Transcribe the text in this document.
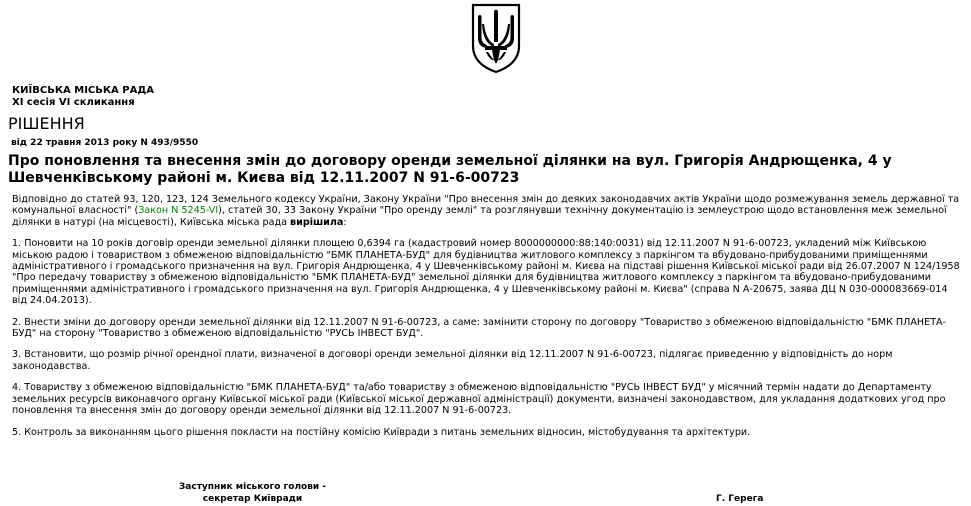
КИЇВСЬКА МІСЬКА РАДА
XI сесія VI скликання
РІШЕННЯ
від 22 травня 2013 року N 493/9550
Про поновлення та внесення змін до договору оренди земельної ділянки на вул. Григорія Андрющенка, 4 у Шевченківському районі м. Києва від 12.11.2007 N 91-6-00723

Відповідно до статей 93, 120, 123, 124 Земельного кодексу України, Закону України "Про внесення змін до деяких законодавчих актів України щодо розмежування земель державної та комунальної власності" (Закон N 5245-VI), статей 30, 33 Закону України "Про оренду землі" та розглянувши технічну документацію із землеустрою щодо встановлення меж земельної ділянки в натурі (на місцевості), Київська міська рада вирішила:

1. Поновити на 10 років договір оренди земельної ділянки площею 0,6394 га (кадастровий номер 8000000000:88:140:0031) від 12.11.2007 N 91-6-00723, укладений між Київською міською радою і товариством з обмеженою відповідальністю "БМК ПЛАНЕТА-БУД" для будівництва житлового комплексу з паркінгом та вбудовано-прибудованими приміщеннями адміністративного і громадського призначення на вул. Григорія Андрющенка, 4 у Шевченківському районі м. Києва на підставі рішення Київської міської ради від 26.07.2007 N 124/1958 "Про передачу товариству з обмеженою відповідальністю "БМК ПЛАНЕТА-БУД" земельної ділянки для будівництва житлового комплексу з паркінгом та вбудовано-прибудованими приміщеннями адміністративного і громадського призначення на вул. Григорія Андрющенка, 4 у Шевченківському районі м. Києва" (справа N А-20675, заява ДЦ N 030-000083669-014 від 24.04.2013).

2. Внести зміни до договору оренди земельної ділянки від 12.11.2007 N 91-6-00723, а саме: замінити сторону по договору "Товариство з обмеженою відповідальністю "БМК ПЛАНЕТА-БУД" на сторону "Товариство з обмеженою відповідальністю "РУСЬ ІНВЕСТ БУД".

3. Встановити, що розмір річної орендної плати, визначеної в договорі оренди земельної ділянки від 12.11.2007 N 91-6-00723, підлягає приведенню у відповідність до норм законодавства.

4. Товариству з обмеженою відповідальністю "БМК ПЛАНЕТА-БУД" та/або товариству з обмеженою відповідальністю "РУСЬ ІНВЕСТ БУД" у місячний термін надати до Департаменту земельних ресурсів виконавчого органу Київської міської ради (Київської міської державної адміністрації) документи, визначені законодавством, для укладання додаткових угод про поновлення та внесення змін до договору оренди земельної ділянки від 12.11.2007 N 91-6-00723.

5. Контроль за виконанням цього рішення покласти на постійну комісію Київради з питань земельних відносин, містобудування та архітектури.

Заступник міського голови -
секретар Київради	Г. Герега
